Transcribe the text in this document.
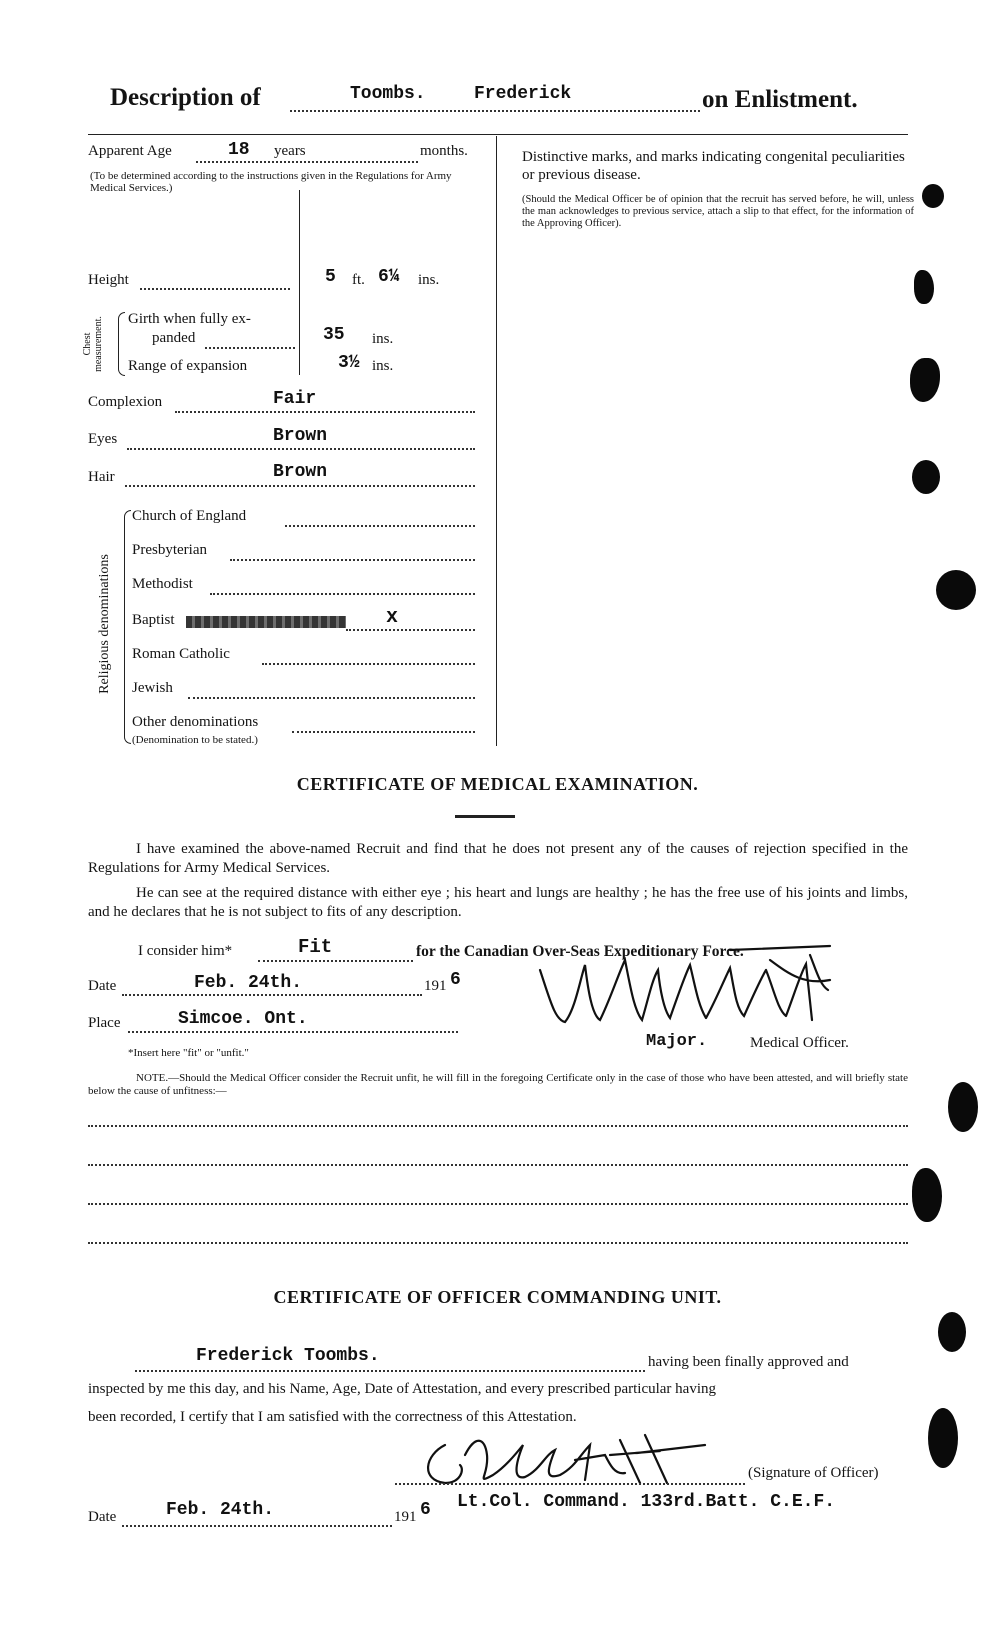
Description of	Toombs.	Frederick	on Enlistment.
Apparent Age	18 years	months.
(To be determined according to the instructions given in the Regulations for Army Medical Services.)
Height	5 ft. 6¼ ins.
Chest measurement. Girth when fully ex-
panded	35 ins.
Range of expansion	3½ ins.
Complexion	Fair
Eyes	Brown
Hair	Brown
Religious denominations
Church of England
Presbyterian
Methodist
Baptist	x
Roman Catholic
Jewish
Other denominations
(Denomination to be stated.)
Distinctive marks, and marks indicating congenital peculiarities or previous disease.
(Should the Medical Officer be of opinion that the recruit has served before, he will, unless the man acknowledges to previous service, attach a slip to that effect, for the information of the Approving Officer).
CERTIFICATE OF MEDICAL EXAMINATION.
I have examined the above-named Recruit and find that he does not present any of the causes of rejection specified in the Regulations for Army Medical Services.
He can see at the required distance with either eye ; his heart and lungs are healthy ; he has the free use of his joints and limbs, and he declares that he is not subject to fits of any description.
I consider him*	Fit	for the Canadian Over-Seas Expeditionary Force.
Date	Feb. 24th.	191 6
Place	Simcoe. Ont.
*Insert here "fit" or "unfit."
Major.	Medical Officer.
NOTE.—Should the Medical Officer consider the Recruit unfit, he will fill in the foregoing Certificate only in the case of those who have been attested, and will briefly state below the cause of unfitness:—
CERTIFICATE OF OFFICER COMMANDING UNIT.
Frederick Toombs.	having been finally approved and
inspected by me this day, and his Name, Age, Date of Attestation, and every prescribed particular having
been recorded, I certify that I am satisfied with the correctness of this Attestation.
(Signature of Officer)
Date	Feb. 24th.	191 6 Lt.Col. Command. 133rd.Batt. C.E.F.
